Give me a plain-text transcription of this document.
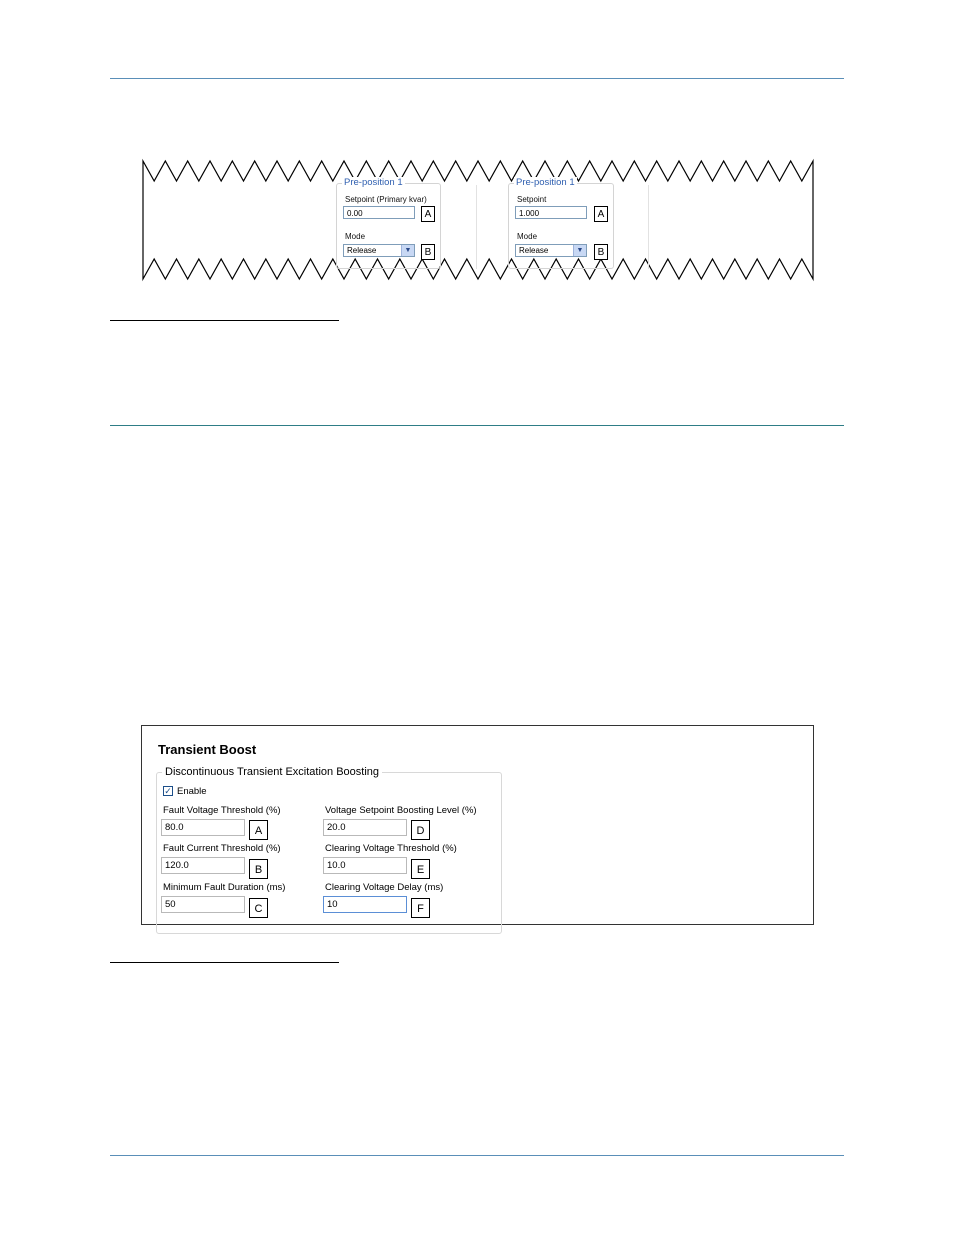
Pre-position 1
Setpoint (Primary kvar)
0.00	A
Mode
Release	▼	B
Pre-position 1
Setpoint
1.000	A
Mode
Release	▼	B
Transient Boost
Discontinuous Transient Excitation Boosting
✓ Enable
Fault Voltage Threshold (%)
80.0	A
Fault Current Threshold (%)
120.0	B
Minimum Fault Duration (ms)
50	C
Voltage Setpoint Boosting Level (%)
20.0	D
Clearing Voltage Threshold (%)
10.0	E
Clearing Voltage Delay (ms)
10	F
